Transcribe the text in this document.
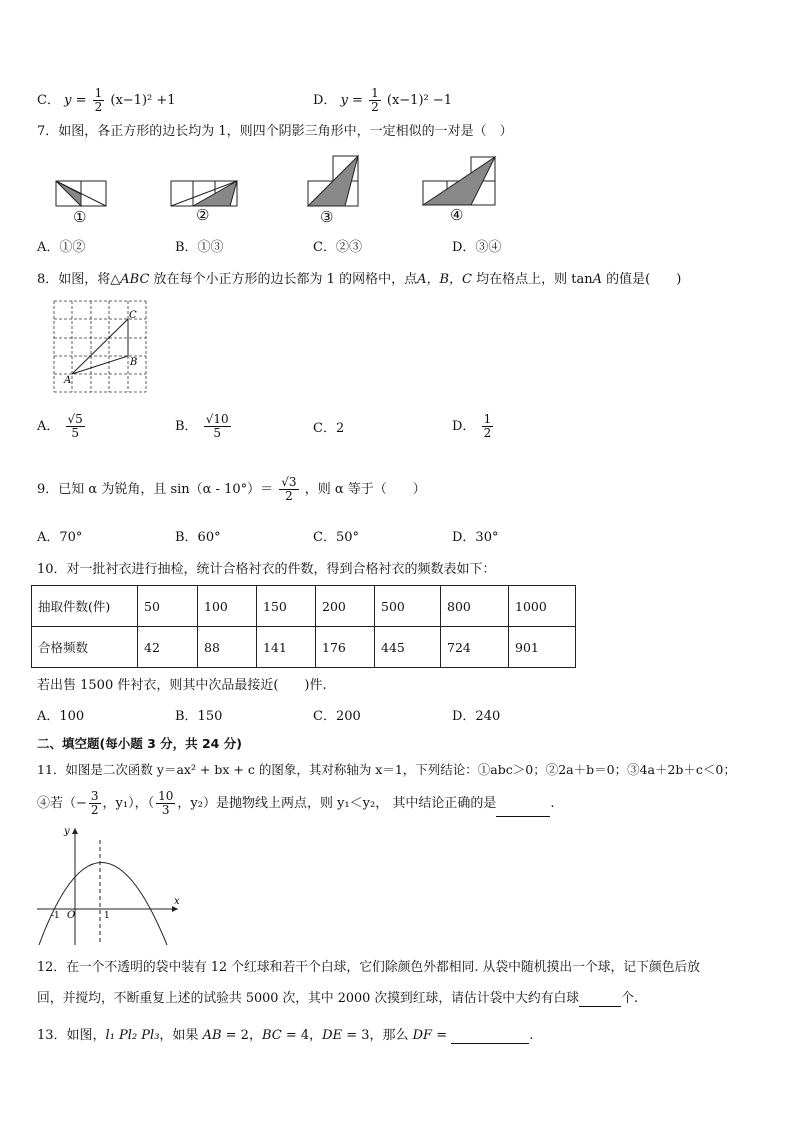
C． $y = \frac{1}{2} (x-1)^2 +1$	D． $y = \frac{1}{2} (x-1)^2 -1$
7．如图，各正方形的边长均为 1，则四个阴影三角形中，一定相似的一对是（　）
①	②	③	④
A．①②	B．①③	C．②③	D．③④
8．如图，将△ABC 放在每个小正方形的边长都为 1 的网格中，点A，B，C 均在格点上，则 tanA 的值是(　　)
A
B
C
A． $\frac{√5}{5}$	B． $\frac{√10}{5}$	C．2	D． $\frac{1}{2}$
9．已知 α 为锐角，且 $\sin(\alpha - 10^\circ)= \frac{√3}{2}$ ，则 α 等于（　　）
A．70°	B．60°	C．50°	D．30°
10．对一批衬衣进行抽检，统计合格衬衣的件数，得到合格衬衣的频数表如下：
抽取件数(件)	50	100	150	200	500	800	1000
合格频数	42	88	141	176	445	724	901
若出售 1500 件衬衣，则其中次品最接近(　　)件.
A．100	B．150	C．200	D．240
二、填空题(每小题 3 分，共 24 分)
11．如图是二次函数 y＝ax² + bx + c 的图象，其对称轴为 x＝1，下列结论：①abc＞0；②2a＋b＝0；③4a＋2b＋c＜0；
④若（− $\frac{3}{2}$ ，y₁），（ $\frac{10}{3}$ ，y₂）是抛物线上两点，则 y₁＜y₂， 其中结论正确的是	.
y
x
O
-1	1
12．在一个不透明的袋中装有 12 个红球和若干个白球，它们除颜色外都相同. 从袋中随机摸出一个球，记下颜色后放
回，并搅均，不断重复上述的试验共 5000 次，其中 2000 次摸到红球，请估计袋中大约有白球	个.
13．如图，l₁ Pl₂ Pl₃，如果 AB = 2，BC = 4，DE = 3，那么 DF =	.
